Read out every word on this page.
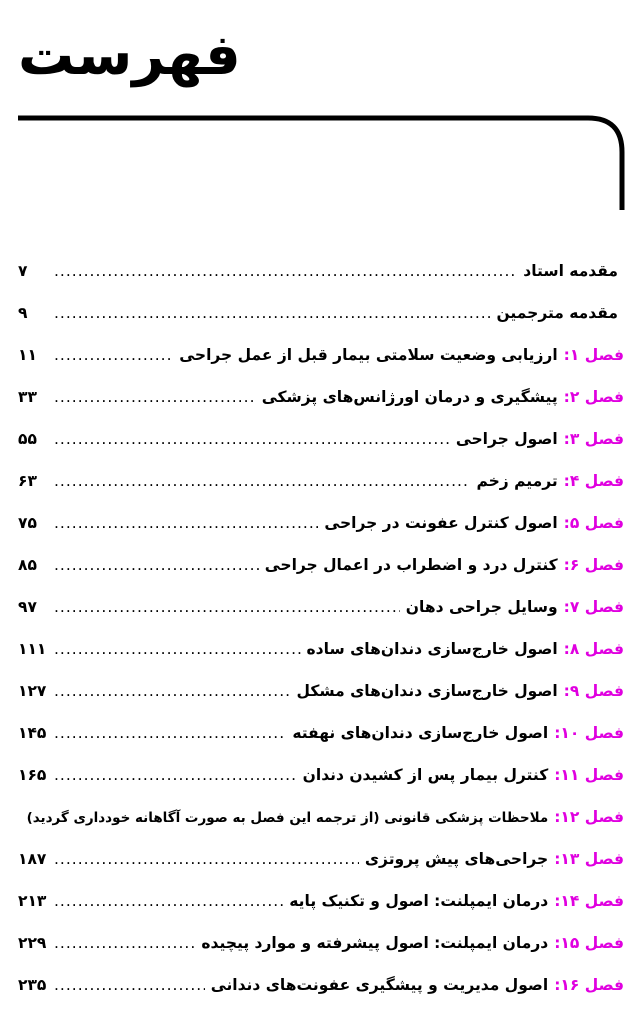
فهرست
مقدمه استاد
.....
۷
مقدمه مترجمین
.....
۹
فصل ۱:
ارزیابی وضعیت سلامتی بیمار قبل از عمل جراحی
.....
۱۱
فصل ۲:
پیشگیری و درمان اورژانس‌های پزشکی
.....
۳۳
فصل ۳:
اصول جراحی
.....
۵۵
فصل ۴:
ترمیم زخم
.....
۶۳
فصل ۵:
اصول کنترل عفونت در جراحی
.....
۷۵
فصل ۶:
کنترل درد و اضطراب در اعمال جراحی
.....
۸۵
فصل ۷:
وسایل جراحی دهان
.....
۹۷
فصل ۸:
اصول خارج‌سازی دندان‌های ساده
.....
۱۱۱
فصل ۹:
اصول خارج‌سازی دندان‌های مشکل
.....
۱۲۷
فصل ۱۰:
اصول خارج‌سازی دندان‌های نهفته
.....
۱۴۵
فصل ۱۱:
کنترل بیمار پس از کشیدن دندان
.....
۱۶۵
فصل ۱۲:
ملاحظات پزشکی قانونی (از ترجمه این فصل به صورت آگاهانه خودداری گردید)
فصل ۱۳:
جراحی‌های پیش پروتزی
.....
۱۸۷
فصل ۱۴:
درمان ایمپلنت: اصول و تکنیک پایه
.....
۲۱۳
فصل ۱۵:
درمان ایمپلنت: اصول پیشرفته و موارد پیچیده
.....
۲۲۹
فصل ۱۶:
اصول مدیریت و پیشگیری عفونت‌های دندانی
.....
۲۳۵
